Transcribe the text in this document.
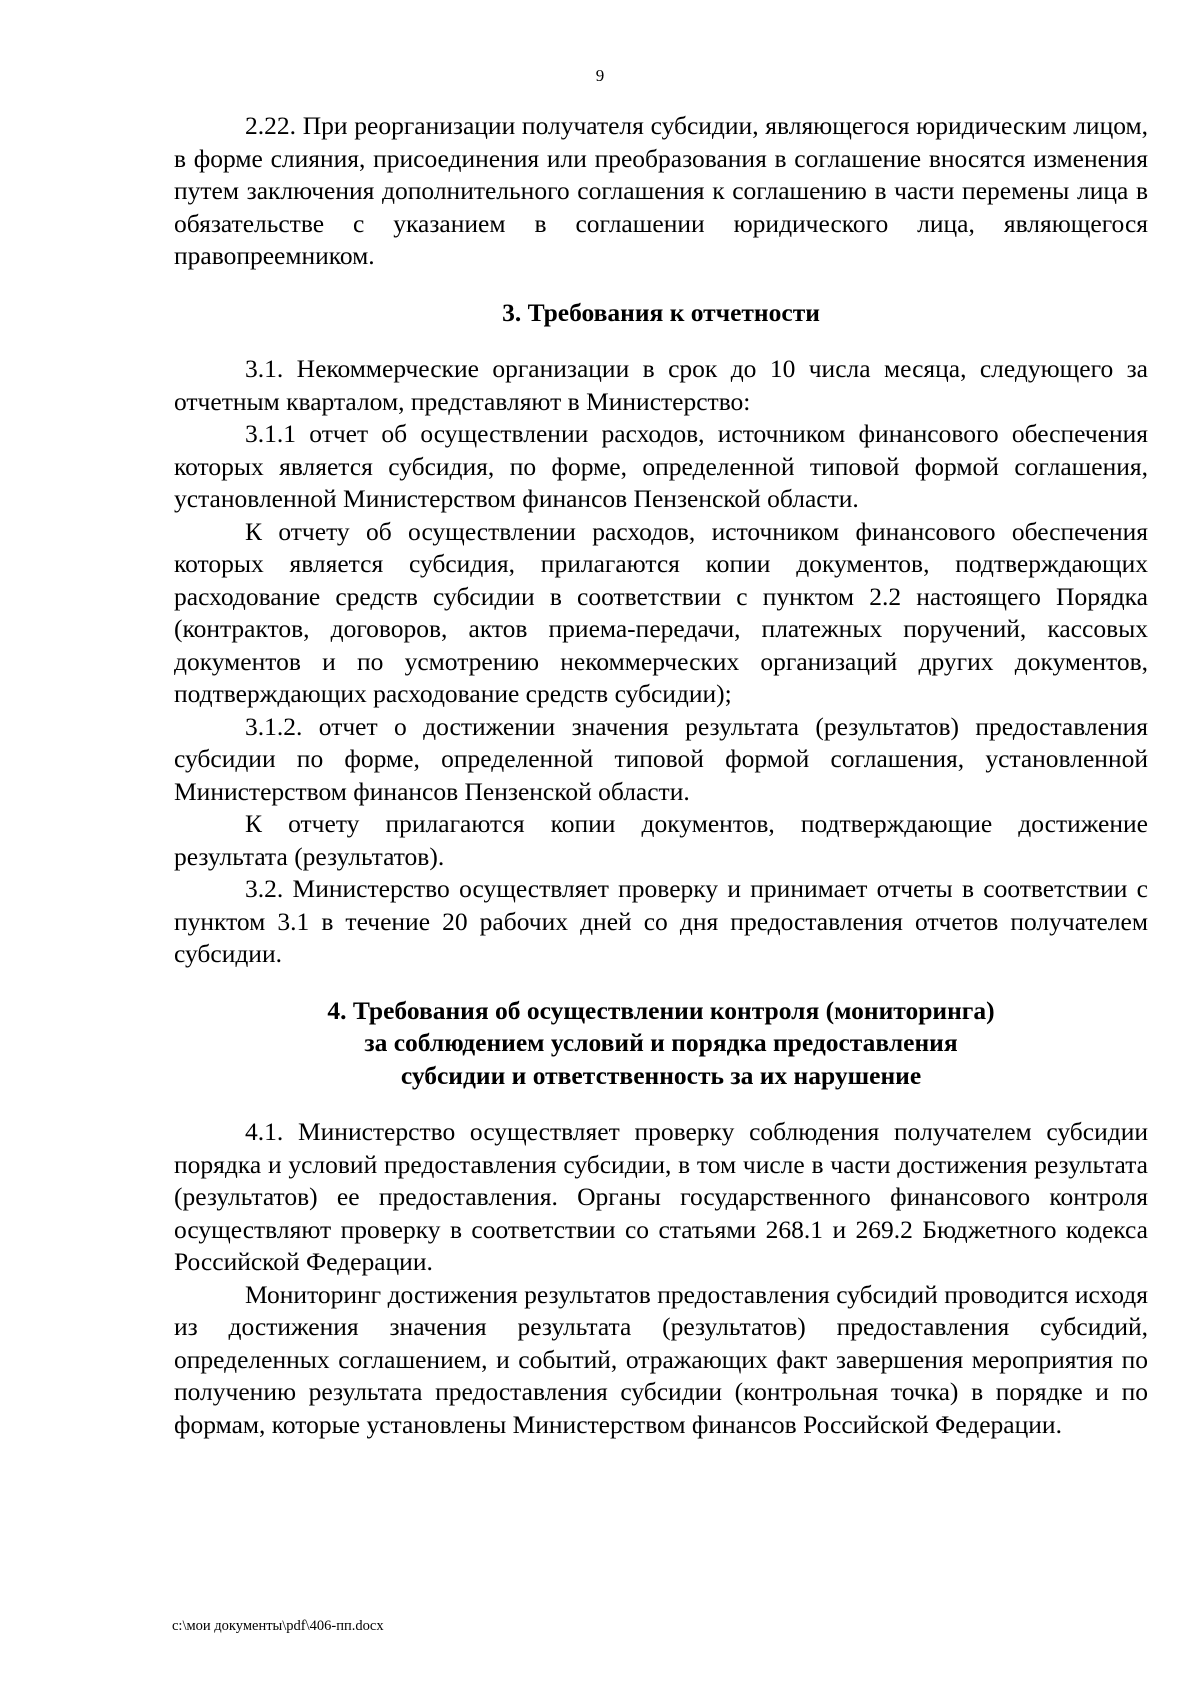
9

2.22. При реорганизации получателя субсидии, являющегося юридическим лицом, в форме слияния, присоединения или преобразования в соглашение вносятся изменения путем заключения дополнительного соглашения к соглашению в части перемены лица в обязательстве с указанием в соглашении юридического лица, являющегося правопреемником.

3. Требования к отчетности

3.1. Некоммерческие организации в срок до 10 числа месяца, следующего за отчетным кварталом, представляют в Министерство:

3.1.1 отчет об осуществлении расходов, источником финансового обеспечения которых является субсидия, по форме, определенной типовой формой соглашения, установленной Министерством финансов Пензенской области.

К отчету об осуществлении расходов, источником финансового обеспечения которых является субсидия, прилагаются копии документов, подтверждающих расходование средств субсидии в соответствии с пунктом 2.2 настоящего Порядка (контрактов, договоров, актов приема-передачи, платежных поручений, кассовых документов и по усмотрению некоммерческих организаций других документов, подтверждающих расходование средств субсидии);

3.1.2. отчет о достижении значения результата (результатов) предоставления субсидии по форме, определенной типовой формой соглашения, установленной Министерством финансов Пензенской области.

К отчету прилагаются копии документов, подтверждающие достижение результата (результатов).

3.2. Министерство осуществляет проверку и принимает отчеты в соответствии с пунктом 3.1 в течение 20 рабочих дней со дня предоставления отчетов получателем субсидии.

4. Требования об осуществлении контроля (мониторинга)
за соблюдением условий и порядка предоставления
субсидии и ответственность за их нарушение

4.1. Министерство осуществляет проверку соблюдения получателем субсидии порядка и условий предоставления субсидии, в том числе в части достижения результата (результатов) ее предоставления. Органы государственного финансового контроля осуществляют проверку в соответствии со статьями 268.1 и 269.2 Бюджетного кодекса Российской Федерации.

Мониторинг достижения результатов предоставления субсидий проводится исходя из достижения значения результата (результатов) предоставления субсидий, определенных соглашением, и событий, отражающих факт завершения мероприятия по получению результата предоставления субсидии (контрольная точка) в порядке и по формам, которые установлены Министерством финансов Российской Федерации.

c:\мои документы\pdf\406-пп.docx
